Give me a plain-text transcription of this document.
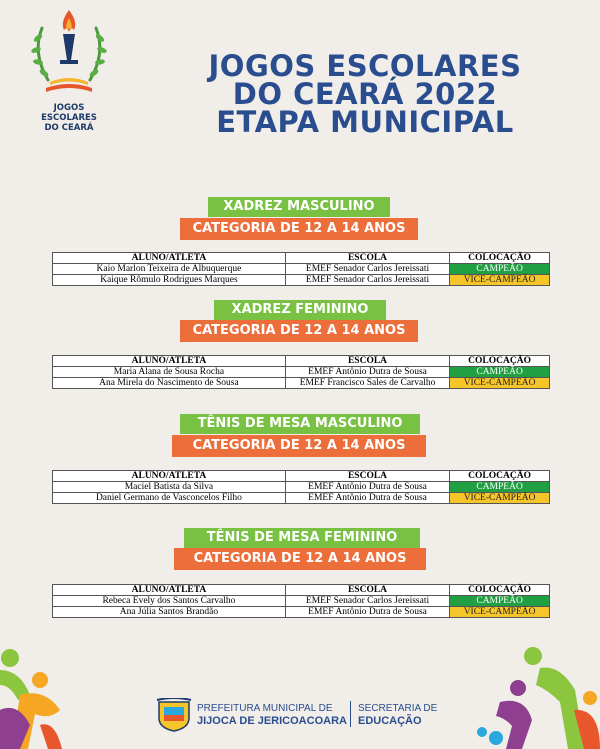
JOGOS
ESCOLARES
DO CEARÁ
JOGOS ESCOLARES
DO CEARÁ 2022
ETAPA MUNICIPAL
XADREZ MASCULINO
CATEGORIA DE 12 A 14 ANOS
ALUNO/ATLETA	ESCOLA	COLOCAÇÃO
Kaio Marlon Teixeira de Albuquerque	EMEF Senador Carlos Jereissati	CAMPEÃO
Kaique Rômulo Rodrigues Marques	EMEF Senador Carlos Jereissati	VICE-CAMPEÃO
XADREZ FEMININO
CATEGORIA DE 12 A 14 ANOS
ALUNO/ATLETA	ESCOLA	COLOCAÇÃO
Maria Alana de Sousa Rocha	EMEF Antônio Dutra de Sousa	CAMPEÃO
Ana Mirela do Nascimento de Sousa	EMEF Francisco Sales de Carvalho	VICE-CAMPEÃO
TÊNIS DE MESA MASCULINO
CATEGORIA DE 12 A 14 ANOS
ALUNO/ATLETA	ESCOLA	COLOCAÇÃO
Maciel Batista da Silva	EMEF Antônio Dutra de Sousa	CAMPEÃO
Daniel Germano de Vasconcelos Filho	EMEF Antônio Dutra de Sousa	VICE-CAMPEÃO
TÊNIS DE MESA FEMININO
CATEGORIA DE 12 A 14 ANOS
ALUNO/ATLETA	ESCOLA	COLOCAÇÃO
Rebeca Evely dos Santos Carvalho	EMEF Senador Carlos Jereissati	CAMPEÃO
Ana Júlia Santos Brandão	EMEF Antônio Dutra de Sousa	VICE-CAMPEÃO
PREFEITURA MUNICIPAL DE
JIJOCA DE JERICOACOARA
SECRETARIA DE
EDUCAÇÃO
